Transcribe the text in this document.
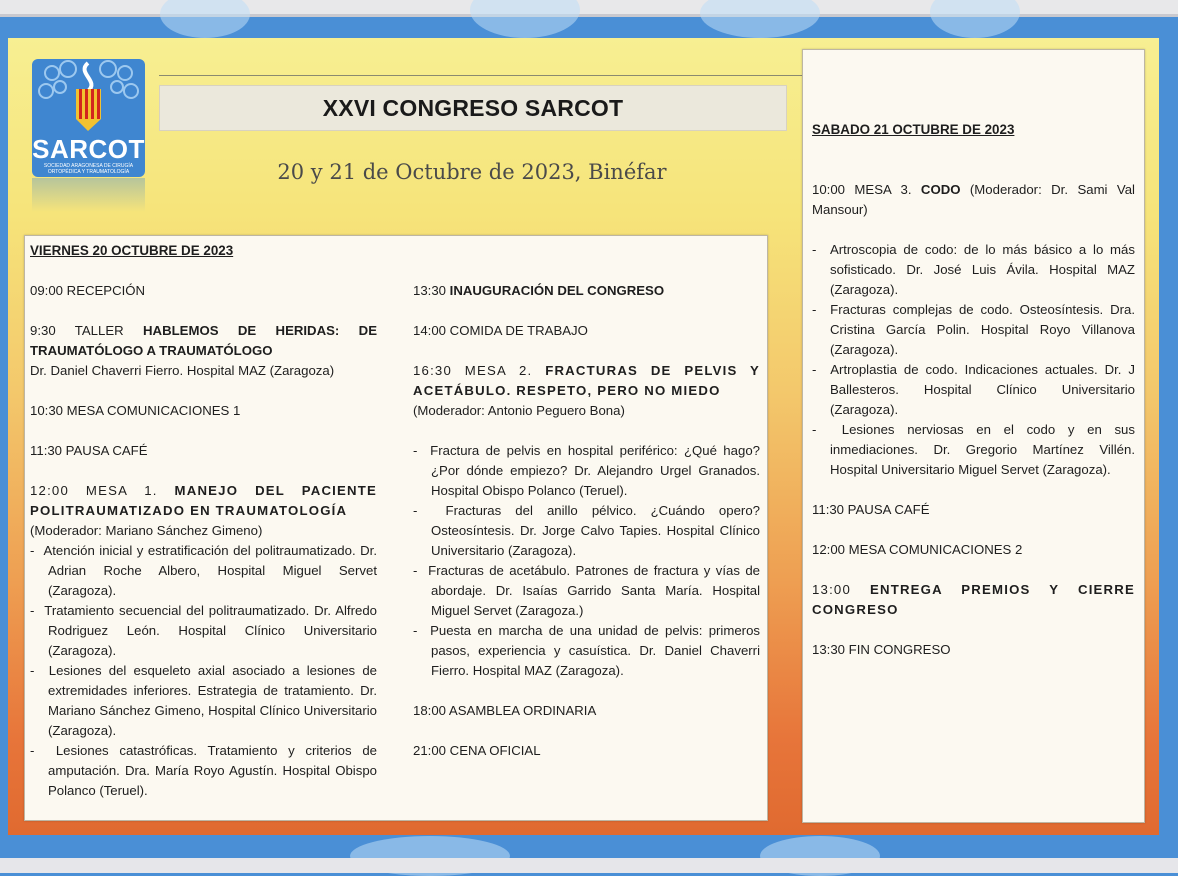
SARCOT
SOCIEDAD ARAGONESA DE CIRUGÍA ORTOPÉDICA Y TRAUMATOLOGÍA
XXVI CONGRESO SARCOT
20 y 21 de Octubre de 2023, Binéfar

VIERNES 20 OCTUBRE DE 2023

09:00 RECEPCIÓN

9:30 TALLER HABLEMOS DE HERIDAS: DE TRAUMATÓLOGO A TRAUMATÓLOGO

Dr. Daniel Chaverri Fierro. Hospital MAZ (Zaragoza)

10:30 MESA COMUNICACIONES 1

11:30 PAUSA CAFÉ

12:00 MESA 1. MANEJO DEL PACIENTE POLITRAUMATIZADO EN TRAUMATOLOGÍA

(Moderador: Mariano Sánchez Gimeno)

-  Atención inicial y estratificación del politraumatizado. Dr. Adrian Roche Albero, Hospital Miguel Servet (Zaragoza).

-  Tratamiento secuencial del politraumatizado. Dr. Alfredo Rodriguez León. Hospital Clínico Universitario (Zaragoza).

-  Lesiones del esqueleto axial asociado a lesiones de extremidades inferiores. Estrategia de tratamiento. Dr. Mariano Sánchez Gimeno, Hospital Clínico Universitario (Zaragoza).

-  Lesiones catastróficas. Tratamiento y criterios de amputación. Dra. María Royo Agustín. Hospital Obispo Polanco (Teruel).

13:30 INAUGURACIÓN DEL CONGRESO

14:00 COMIDA DE TRABAJO

16:30 MESA 2. FRACTURAS DE PELVIS Y ACETÁBULO. RESPETO, PERO NO MIEDO

(Moderador: Antonio Peguero Bona)

-  Fractura de pelvis en hospital periférico: ¿Qué hago? ¿Por dónde empiezo? Dr. Alejandro Urgel Granados. Hospital Obispo Polanco (Teruel).

-  Fracturas del anillo pélvico. ¿Cuándo opero? Osteosíntesis. Dr. Jorge Calvo Tapies. Hospital Clínico Universitario (Zaragoza).

-  Fracturas de acetábulo. Patrones de fractura y vías de abordaje. Dr. Isaías Garrido Santa María. Hospital Miguel Servet (Zaragoza.)

-  Puesta en marcha de una unidad de pelvis: primeros pasos, experiencia y casuística. Dr. Daniel Chaverri Fierro. Hospital MAZ (Zaragoza).

18:00 ASAMBLEA ORDINARIA

21:00 CENA OFICIAL

SABADO 21 OCTUBRE DE 2023

10:00 MESA 3. CODO (Moderador: Dr. Sami Val Mansour)

-  Artroscopia de codo: de lo más básico a lo más sofisticado. Dr. José Luis Ávila. Hospital MAZ (Zaragoza).

-  Fracturas complejas de codo. Osteosíntesis. Dra. Cristina García Polin. Hospital Royo Villanova (Zaragoza).

-  Artroplastia de codo. Indicaciones actuales. Dr. J Ballesteros. Hospital Clínico Universitario (Zaragoza).

-  Lesiones nerviosas en el codo y en sus inmediaciones. Dr. Gregorio Martínez Villén. Hospital Universitario Miguel Servet (Zaragoza).

11:30 PAUSA CAFÉ

12:00 MESA COMUNICACIONES 2

13:00 ENTREGA PREMIOS Y CIERRE CONGRESO

13:30 FIN CONGRESO
